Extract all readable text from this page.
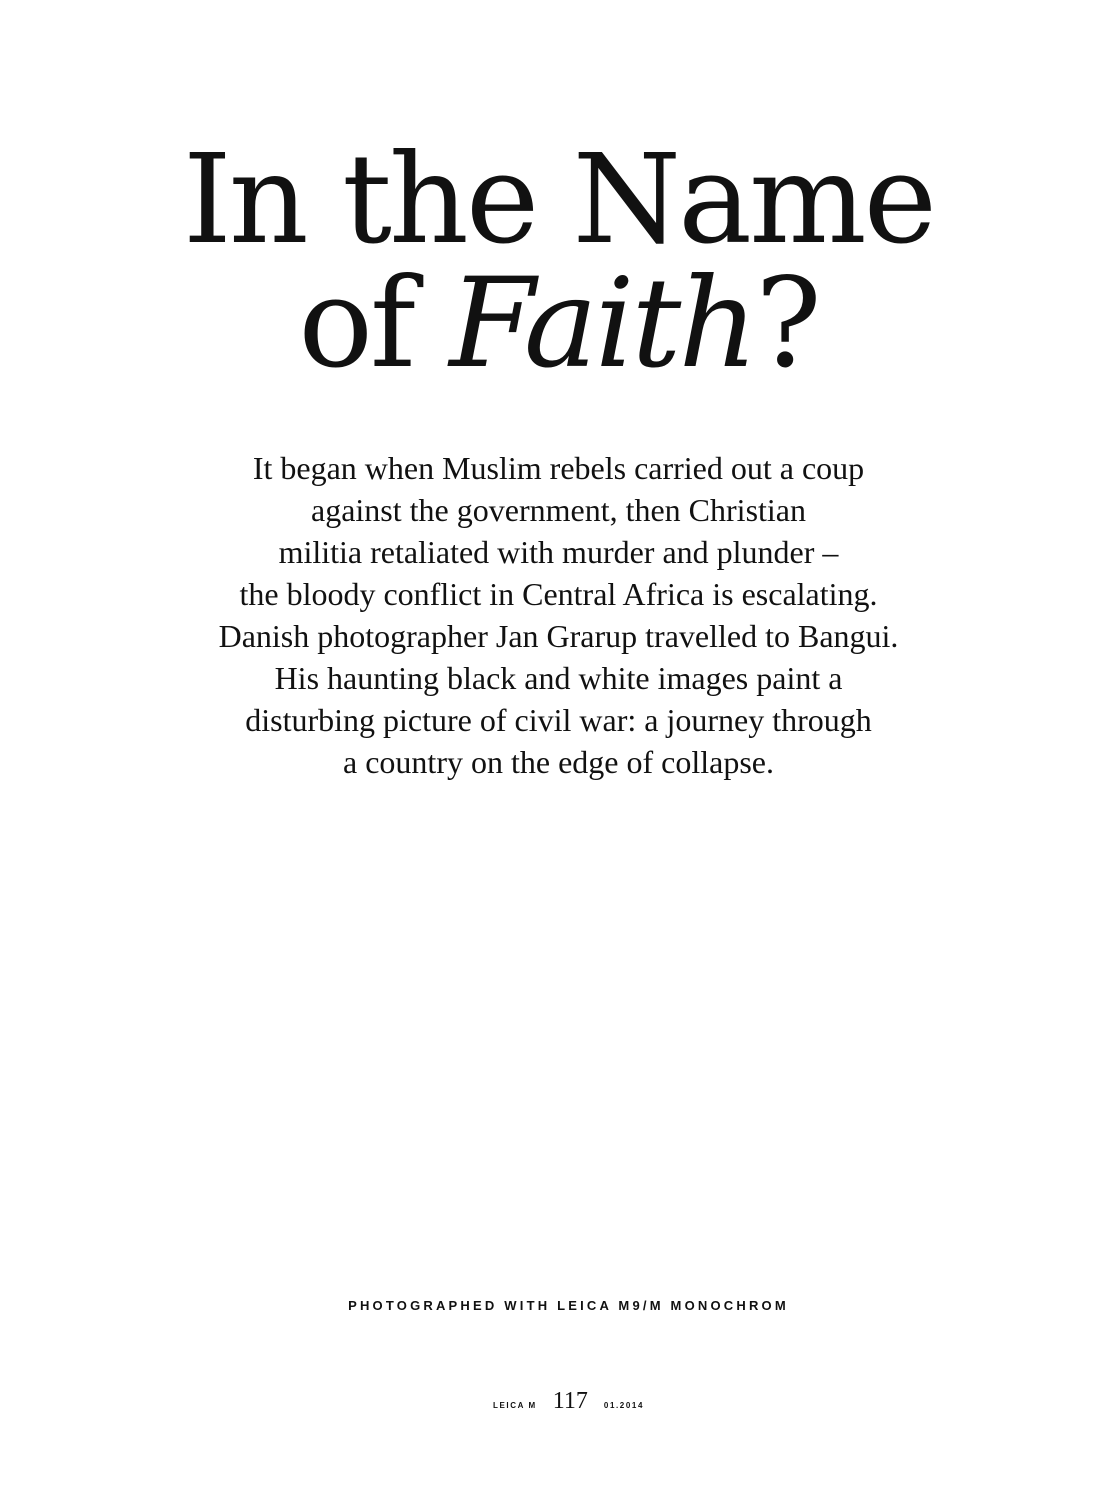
In the Name
of Faith?

It began when Muslim rebels carried out a coup
against the government, then Christian
militia retaliated with murder and plunder –
the bloody conflict in Central Africa is escalating.
Danish photographer Jan Grarup travelled to Bangui.
His haunting black and white images paint a
disturbing picture of civil war: a journey through
a country on the edge of collapse.

PHOTOGRAPHED WITH LEICA M9/M MONOCHROM
LEICA M 117 01.2014
